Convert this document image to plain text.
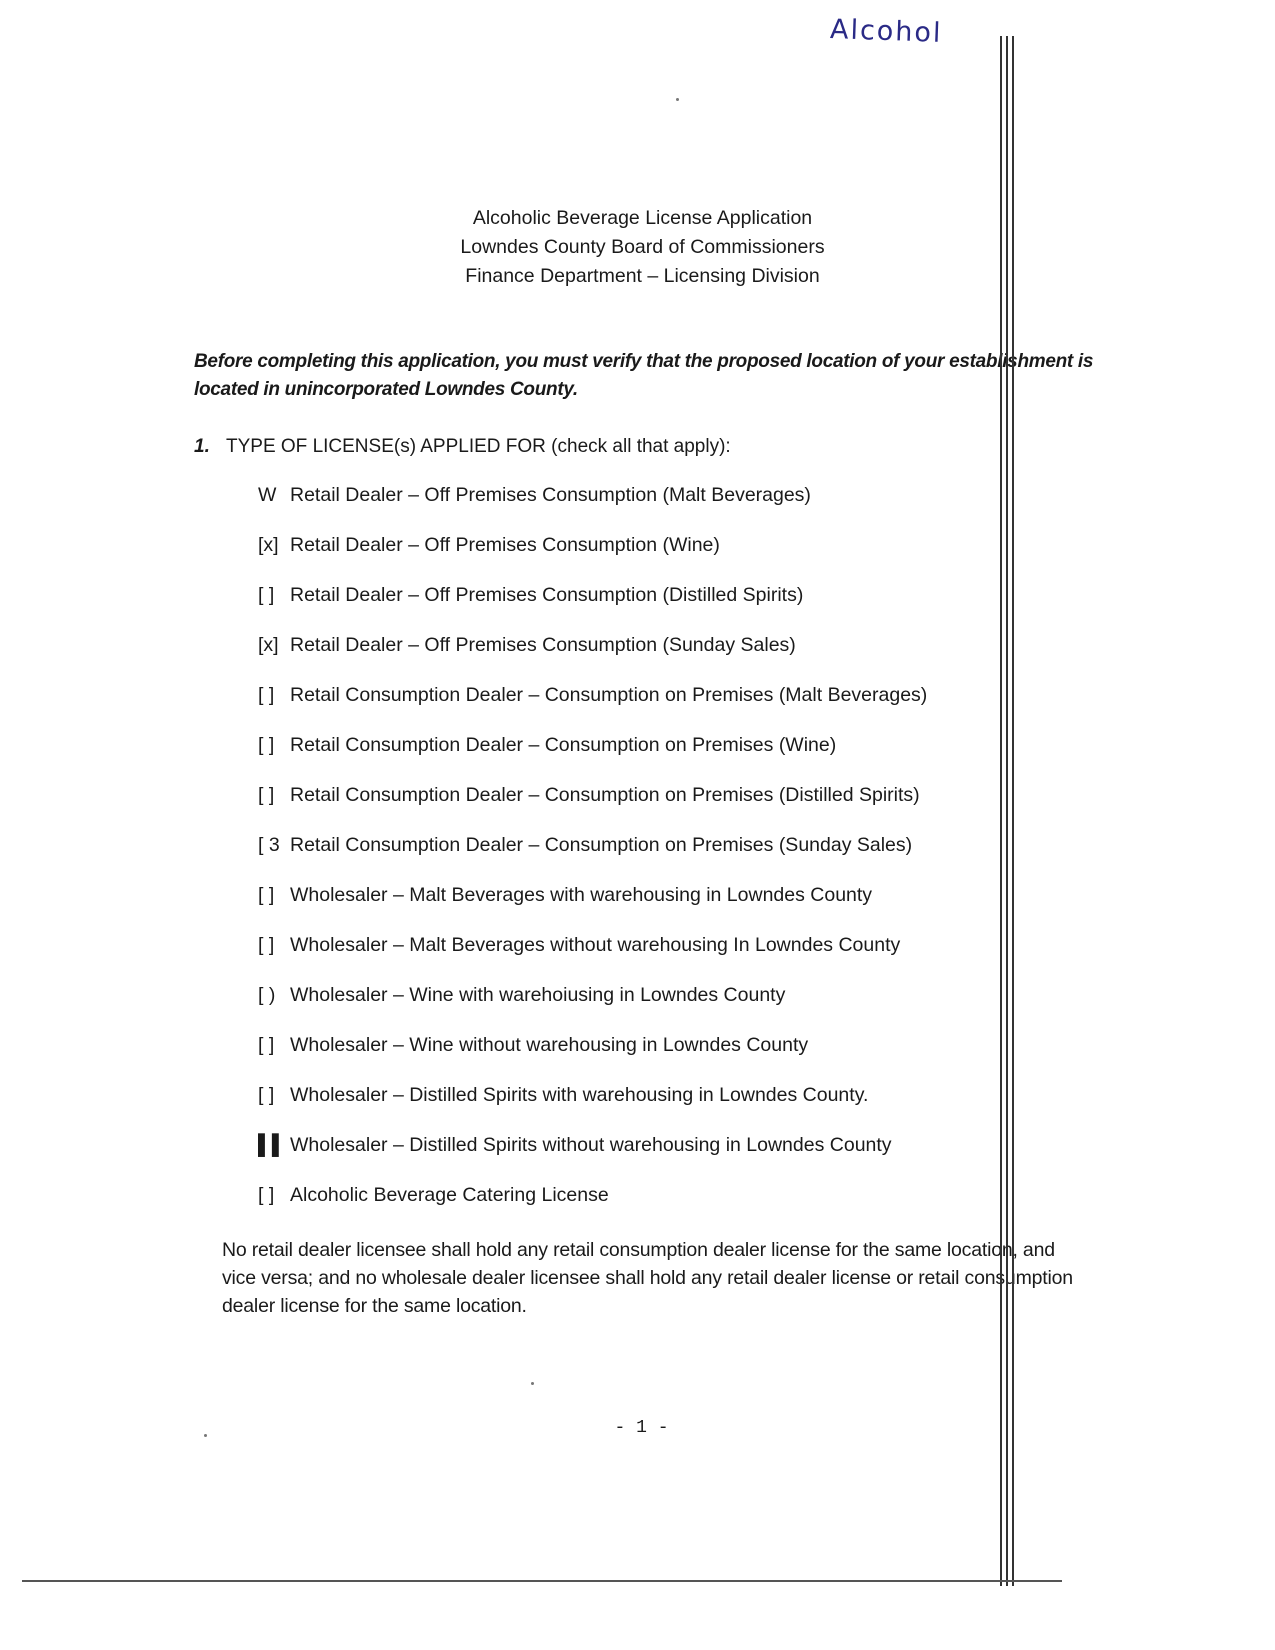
Alcohol
Alcoholic Beverage License Application
Lowndes County Board of Commissioners
Finance Department – Licensing Division
Before completing this application, you must verify that the proposed location of your establishment is located in unincorporated Lowndes County.
1. TYPE OF LICENSE(s) APPLIED FOR (check all that apply):
W Retail Dealer – Off Premises Consumption (Malt Beverages)
[x] Retail Dealer – Off Premises Consumption (Wine)
[ ] Retail Dealer – Off Premises Consumption (Distilled Spirits)
[x] Retail Dealer – Off Premises Consumption (Sunday Sales)
[ ] Retail Consumption Dealer – Consumption on Premises (Malt Beverages)
[ ] Retail Consumption Dealer – Consumption on Premises (Wine)
[ ] Retail Consumption Dealer – Consumption on Premises (Distilled Spirits)
[ 3 Retail Consumption Dealer – Consumption on Premises (Sunday Sales)
[ ] Wholesaler – Malt Beverages with warehousing in Lowndes County
[ ] Wholesaler – Malt Beverages without warehousing In Lowndes County
[ ) Wholesaler – Wine with warehoiusing in Lowndes County
[ ] Wholesaler – Wine without warehousing in Lowndes County
[ ] Wholesaler – Distilled Spirits with warehousing in Lowndes County.
▌▌ Wholesaler – Distilled Spirits without warehousing in Lowndes County
[ ] Alcoholic Beverage Catering License
No retail dealer licensee shall hold any retail consumption dealer license for the same location, and vice versa; and no wholesale dealer licensee shall hold any retail dealer license or retail consumption dealer license for the same location.
- 1 -
